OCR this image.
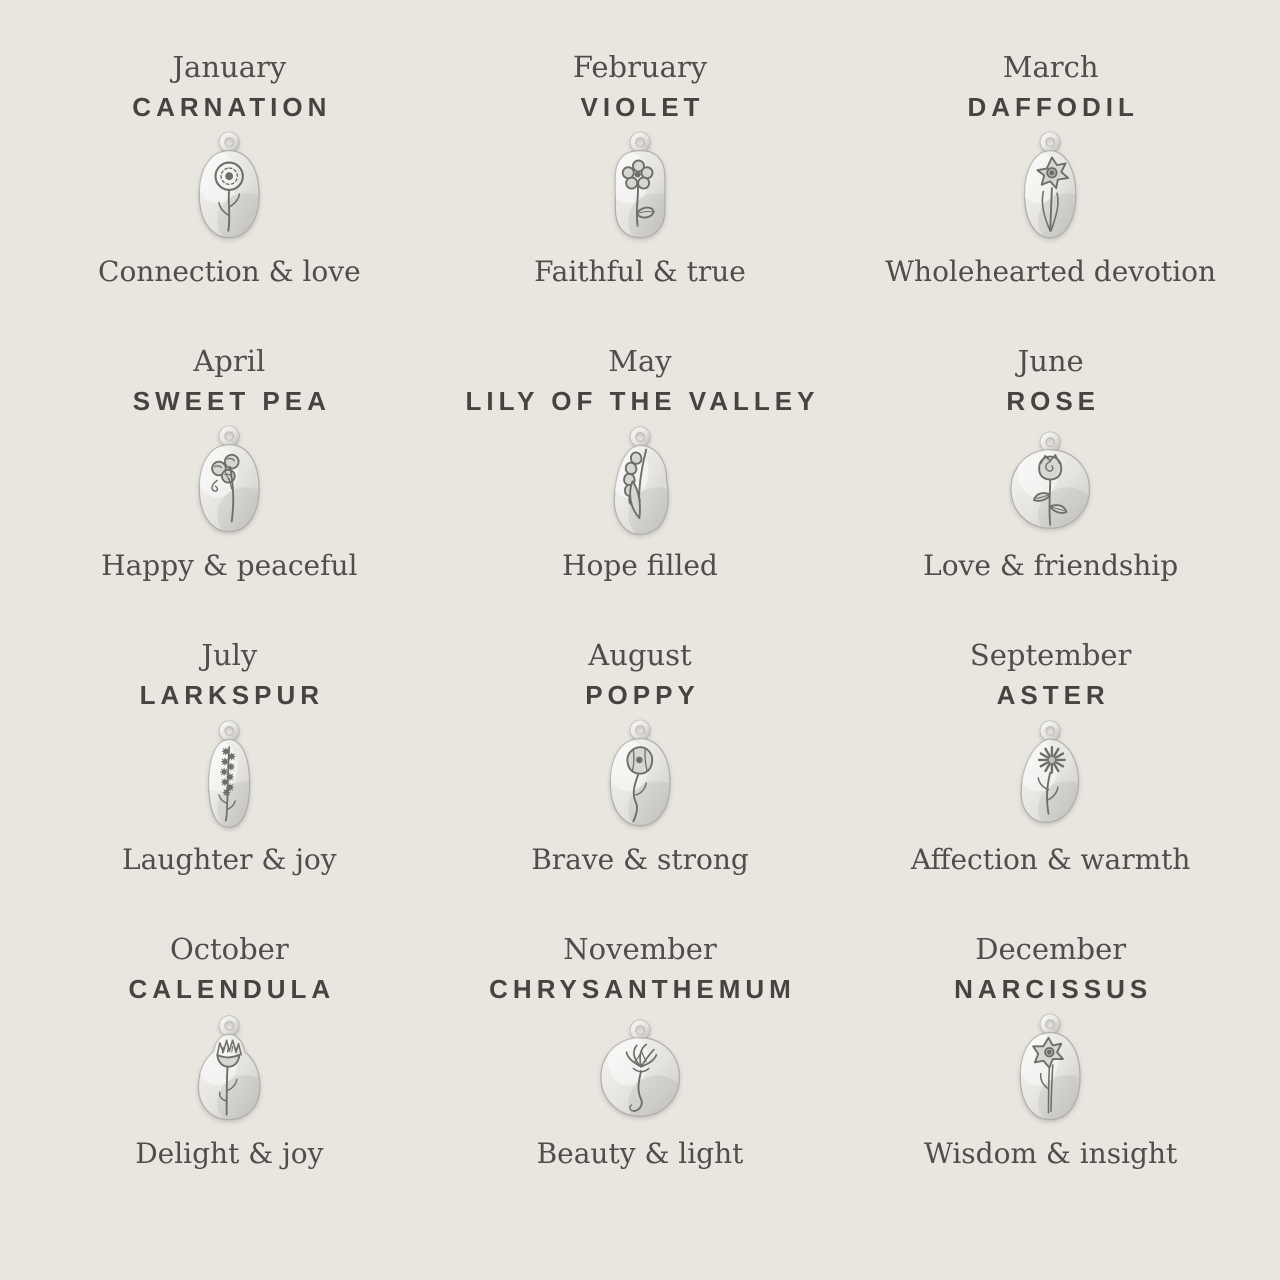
January
CARNATION
Connection & love
February
VIOLET
Faithful & true
March
DAFFODIL
Wholehearted devotion
April
SWEET PEA
Happy & peaceful
May
LILY OF THE VALLEY
Hope filled
June
ROSE
Love & friendship
July
LARKSPUR
Laughter & joy
August
POPPY
Brave & strong
September
ASTER
Affection & warmth
October
CALENDULA
Delight & joy
November
CHRYSANTHEMUM
Beauty & light
December
NARCISSUS
Wisdom & insight
